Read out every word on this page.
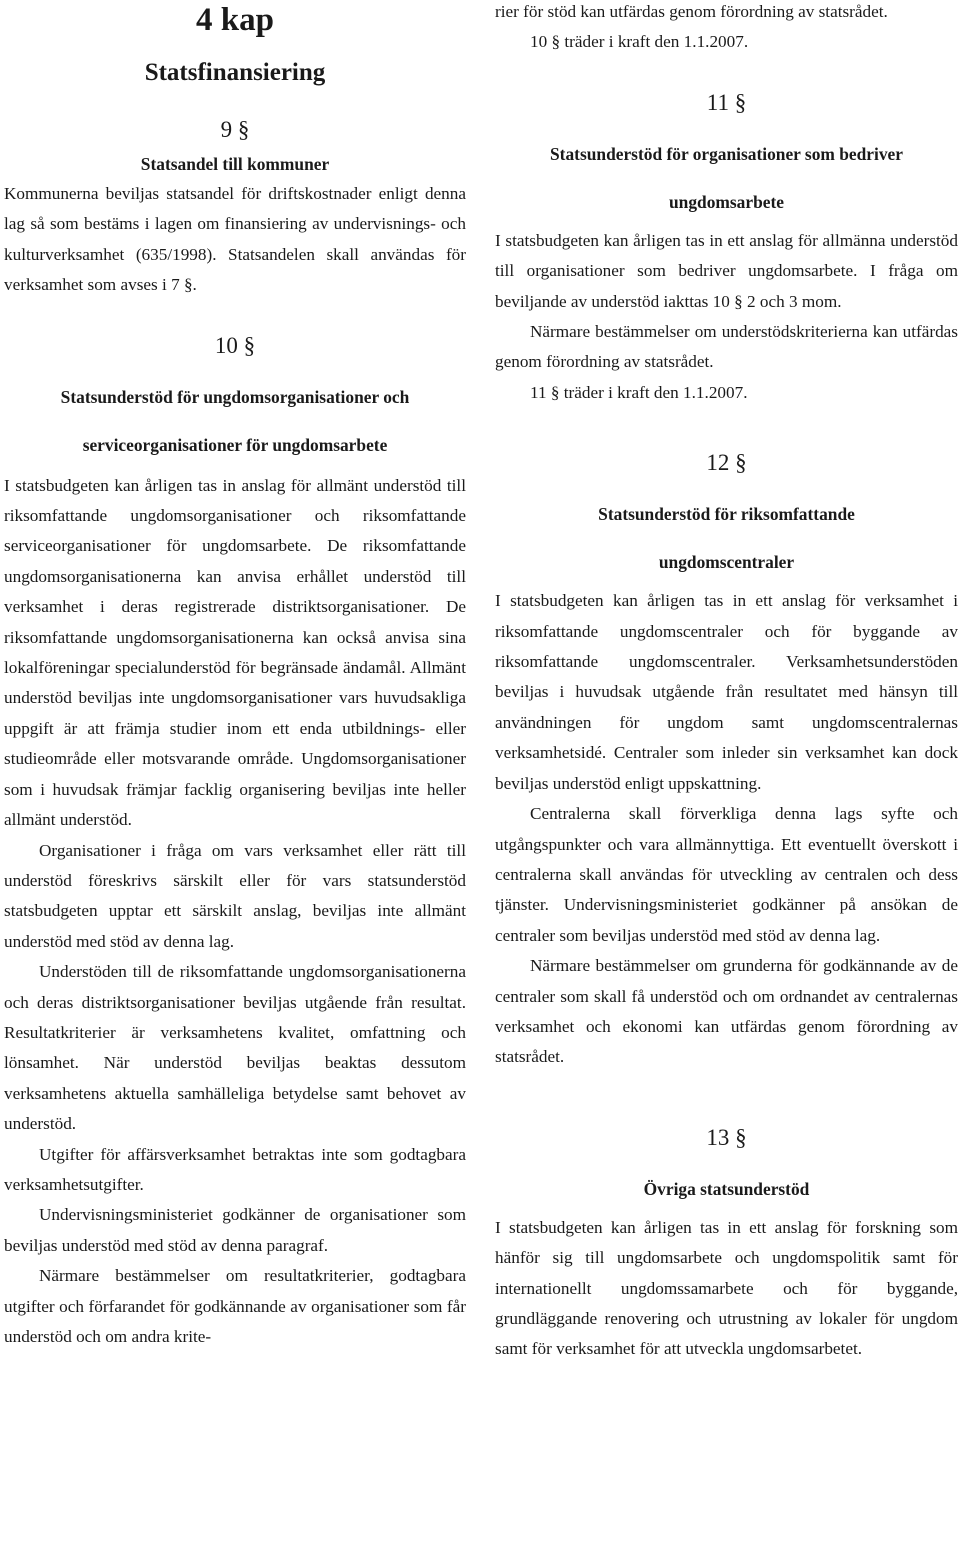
4 kap
Statsfinansiering
9 §
Statsandel till kommuner

Kommunerna beviljas statsandel för driftskostnader enligt denna lag så som bestäms i lagen om finansiering av undervisnings- och kulturverksamhet (635/1998). Statsandelen skall användas för verksamhet som avses i 7 §.

10 §
Statsunderstöd för ungdomsorganisationer och
serviceorganisationer för ungdomsarbete

I statsbudgeten kan årligen tas in anslag för allmänt understöd till riksomfattande ungdomsorganisationer och riksomfattande serviceorganisationer för ungdomsarbete. De riksomfattande ungdomsorganisationerna kan anvisa erhållet understöd till verksamhet i deras registrerade distriktsorganisationer. De riksomfattande ungdomsorganisationerna kan också anvisa sina lokalföreningar specialunderstöd för begränsade ändamål. Allmänt understöd beviljas inte ungdomsorganisationer vars huvudsakliga uppgift är att främja studier inom ett enda utbildnings- eller studieområde eller motsvarande område. Ungdomsorganisationer som i huvudsak främjar facklig organisering beviljas inte heller allmänt understöd.

Organisationer i fråga om vars verksamhet eller rätt till understöd föreskrivs särskilt eller för vars statsunderstöd statsbudgeten upptar ett särskilt anslag, beviljas inte allmänt understöd med stöd av denna lag.

Understöden till de riksomfattande ungdomsorganisationerna och deras distriktsorganisationer beviljas utgående från resultat. Resultatkriterier är verksamhetens kvalitet, omfattning och lönsamhet. När understöd beviljas beaktas dessutom verksamhetens aktuella samhälleliga betydelse samt behovet av understöd.

Utgifter för affärsverksamhet betraktas inte som godtagbara verksamhetsutgifter.

Undervisningsministeriet godkänner de organisationer som beviljas understöd med stöd av denna paragraf.

Närmare bestämmelser om resultatkriterier, godtagbara utgifter och förfarandet för godkännande av organisationer som får understöd och om andra krite-

rier för stöd kan utfärdas genom förordning av statsrådet.

10 § träder i kraft den 1.1.2007.

11 §
Statsunderstöd för organisationer som bedriver
ungdomsarbete

I statsbudgeten kan årligen tas in ett anslag för allmänna understöd till organisationer som bedriver ungdomsarbete. I fråga om beviljande av understöd iakttas 10 § 2 och 3 mom.

Närmare bestämmelser om understödskriterierna kan utfärdas genom förordning av statsrådet.

11 § träder i kraft den 1.1.2007.

12 §
Statsunderstöd för riksomfattande
ungdomscentraler

I statsbudgeten kan årligen tas in ett anslag för verksamhet i riksomfattande ungdomscentraler och för byggande av riksomfattande ungdomscentraler. Verksamhetsunderstöden beviljas i huvudsak utgående från resultatet med hänsyn till användningen för ungdom samt ungdomscentralernas verksamhetsidé. Centraler som inleder sin verksamhet kan dock beviljas understöd enligt uppskattning.

Centralerna skall förverkliga denna lags syfte och utgångspunkter och vara allmännyttiga. Ett eventuellt överskott i centralerna skall användas för utveckling av centralen och dess tjänster. Undervisningsministeriet godkänner på ansökan de centraler som beviljas understöd med stöd av denna lag.

Närmare bestämmelser om grunderna för godkännande av de centraler som skall få understöd och om ordnandet av centralernas verksamhet och ekonomi kan utfärdas genom förordning av statsrådet.

13 §
Övriga statsunderstöd

I statsbudgeten kan årligen tas in ett anslag för forskning som hänför sig till ungdomsarbete och ungdomspolitik samt för internationellt ungdomssamarbete och för byggande, grundläggande renovering och utrustning av lokaler för ungdom samt för verksamhet för att utveckla ungdomsarbetet.
